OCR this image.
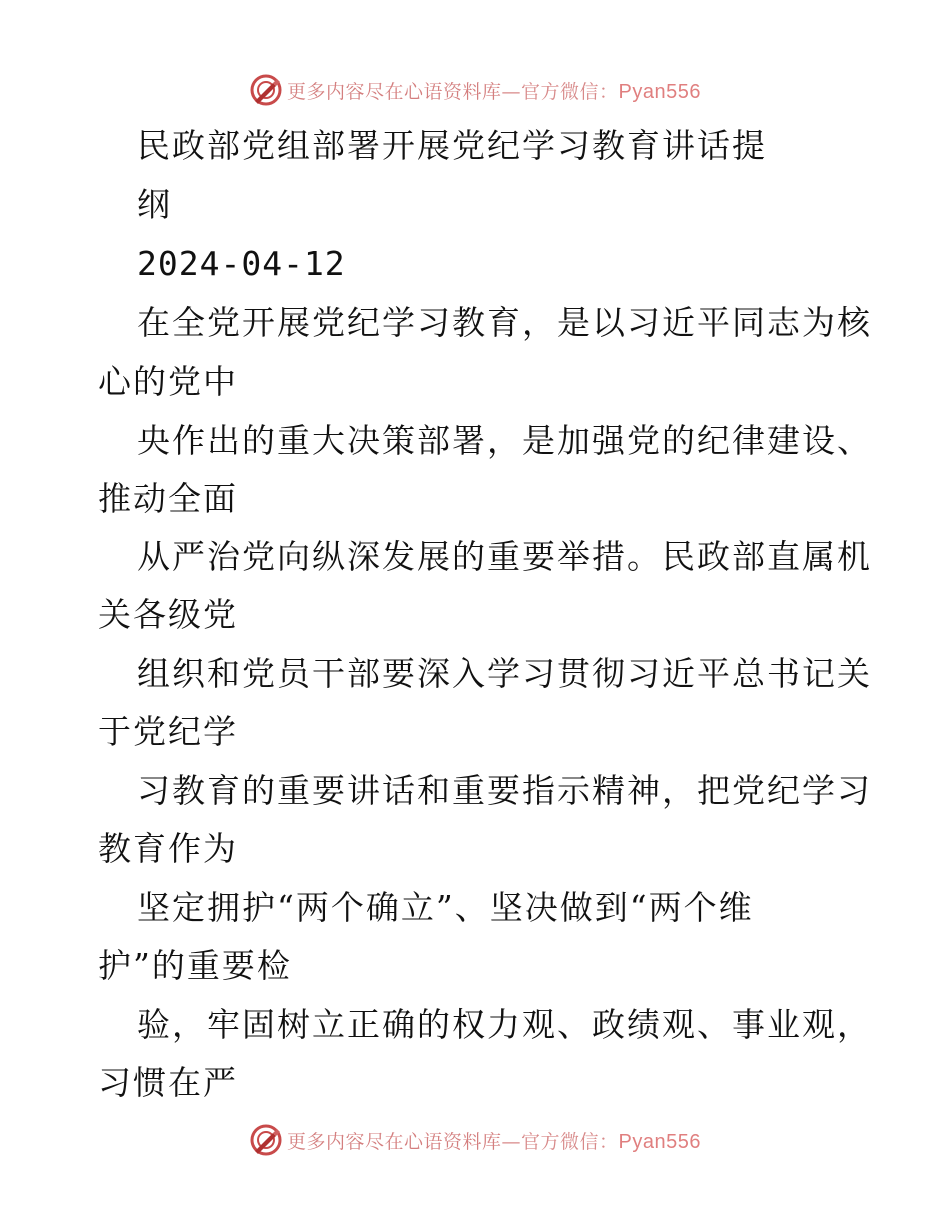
更多内容尽在心语资料库—官方微信：Pyan556
民政部党组部署开展党纪学习教育讲话提
纲
2024-04-12
在全党开展党纪学习教育，是以习近平同志为核
心的党中
央作出的重大决策部署，是加强党的纪律建设、
推动全面
从严治党向纵深发展的重要举措。民政部直属机
关各级党
组织和党员干部要深入学习贯彻习近平总书记关
于党纪学
习教育的重要讲话和重要指示精神，把党纪学习
教育作为
坚定拥护“两个确立”、坚决做到“两个维
护”的重要检
验，牢固树立正确的权力观、政绩观、事业观，
习惯在严
更多内容尽在心语资料库—官方微信：Pyan556
